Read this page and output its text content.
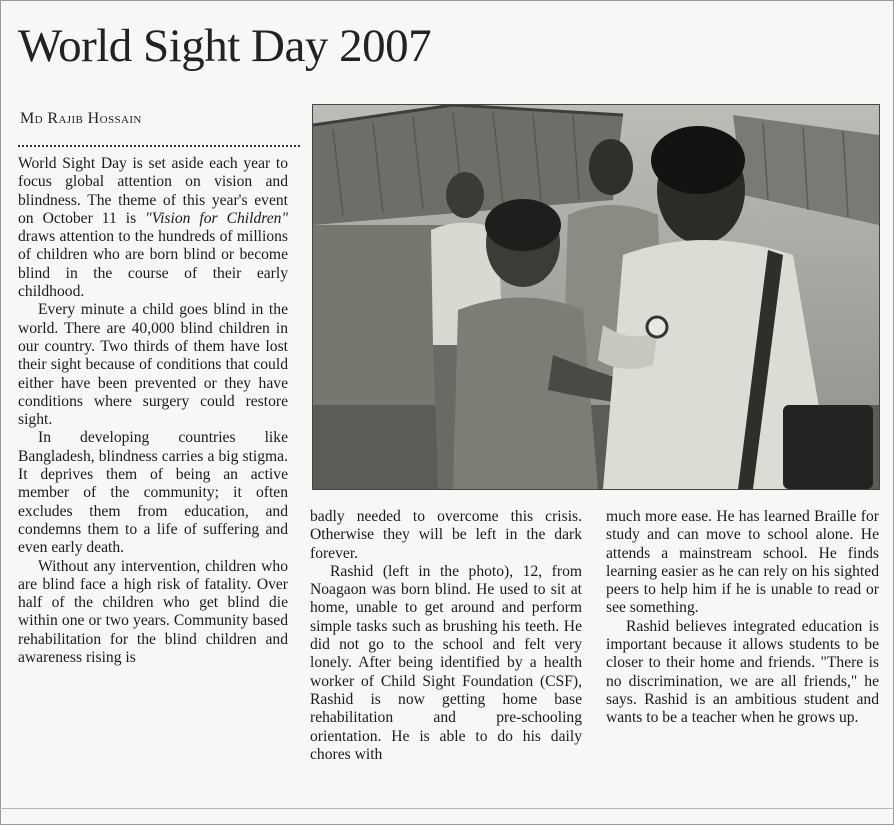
World Sight Day 2007
Md Rajib Hossain

World Sight Day is set aside each year to focus global attention on vision and blindness. The theme of this year's event on October 11 is "Vision for Children" draws attention to the hundreds of millions of children who are born blind or become blind in the course of their early childhood.

Every minute a child goes blind in the world. There are 40,000 blind children in our country. Two thirds of them have lost their sight because of conditions that could either have been prevented or they have conditions where surgery could restore sight.

In developing countries like Bangladesh, blindness carries a big stigma. It deprives them of being an active member of the community; it often excludes them from education, and condemns them to a life of suffering and even early death.

Without any intervention, children who are blind face a high risk of fatality. Over half of the children who get blind die within one or two years. Community based rehabilitation for the blind children and awareness rising is

badly needed to overcome this crisis. Otherwise they will be left in the dark forever.

Rashid (left in the photo), 12, from Noagaon was born blind. He used to sit at home, unable to get around and perform simple tasks such as brushing his teeth. He did not go to the school and felt very lonely. After being identified by a health worker of Child Sight Foundation (CSF), Rashid is now getting home base rehabilitation and pre-schooling orientation. He is able to do his daily chores with

much more ease. He has learned Braille for study and can move to school alone. He attends a mainstream school. He finds learning easier as he can rely on his sighted peers to help him if he is unable to read or see something.

Rashid believes integrated education is important because it allows students to be closer to their home and friends. "There is no discrimination, we are all friends," he says. Rashid is an ambitious student and wants to be a teacher when he grows up.
